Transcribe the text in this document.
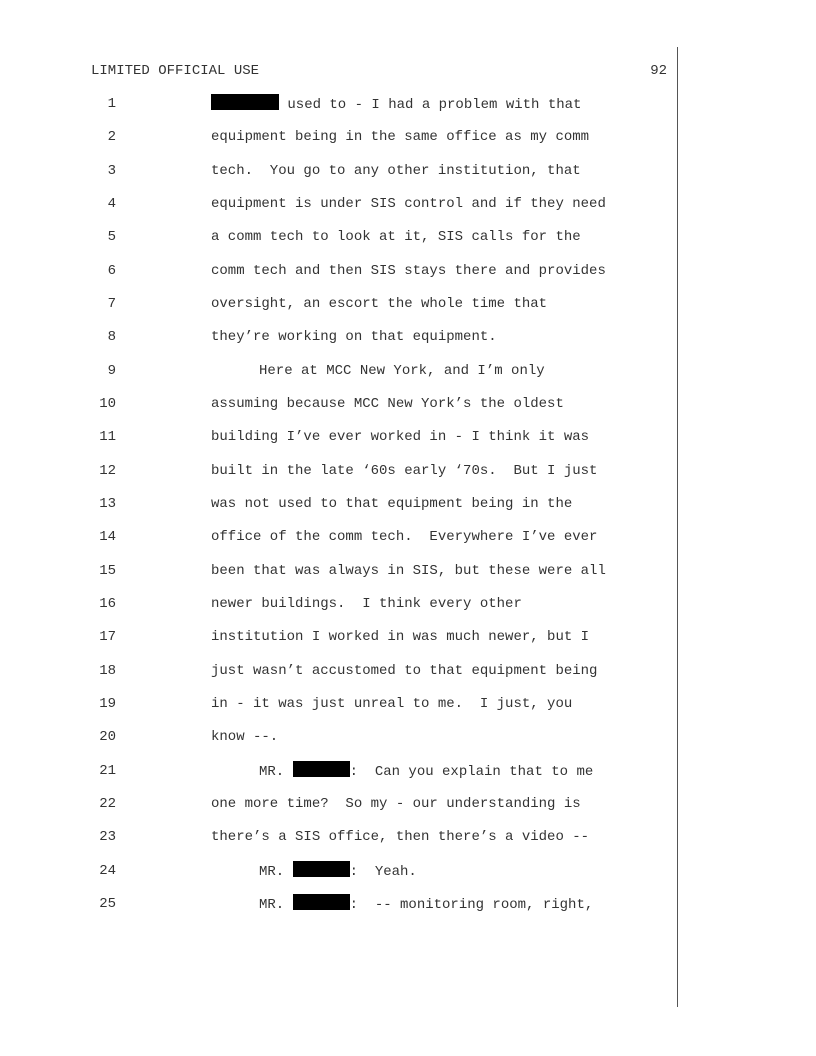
LIMITED OFFICIAL USE	92
1	used to - I had a problem with that
2	equipment being in the same office as my comm
3	tech.  You go to any other institution, that
4	equipment is under SIS control and if they need
5	a comm tech to look at it, SIS calls for the
6	comm tech and then SIS stays there and provides
7	oversight, an escort the whole time that
8	they’re working on that equipment.
9	Here at MCC New York, and I’m only
10	assuming because MCC New York’s the oldest
11	building I’ve ever worked in - I think it was
12	built in the late ‘60s early ‘70s.  But I just
13	was not used to that equipment being in the
14	office of the comm tech.  Everywhere I’ve ever
15	been that was always in SIS, but these were all
16	newer buildings.  I think every other
17	institution I worked in was much newer, but I
18	just wasn’t accustomed to that equipment being
19	in - it was just unreal to me.  I just, you
20	know --.
21	MR.	:  Can you explain that to me
22	one more time?  So my - our understanding is
23	there’s a SIS office, then there’s a video --
24	MR.	:  Yeah.
25	MR.	:  -- monitoring room, right,
